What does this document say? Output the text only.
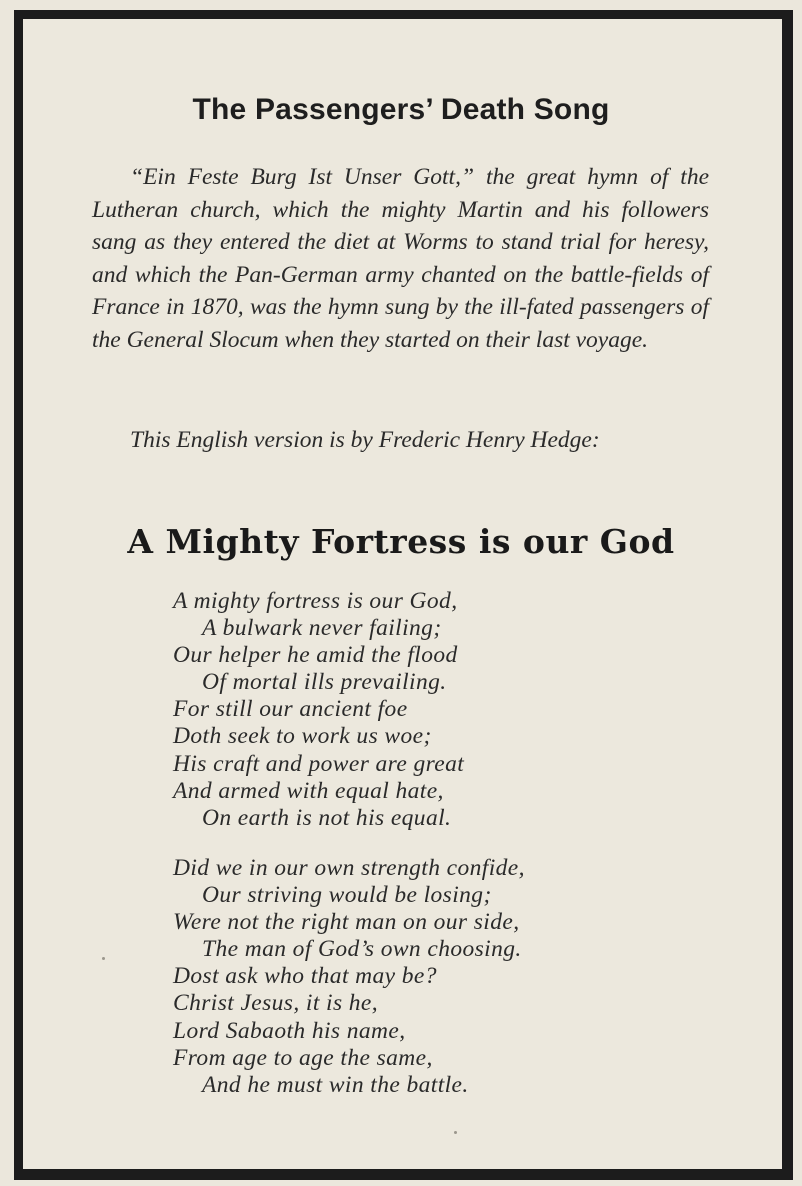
The Passengers’ Death Song

“Ein Feste Burg Ist Unser Gott,” the great hymn of the Lutheran church, which the mighty Martin and his followers sang as they entered the diet at Worms to stand trial for heresy, and which the Pan-German army chanted on the battle-fields of France in 1870, was the hymn sung by the ill-fated passengers of the General Slocum when they started on their last voyage.

This English version is by Frederic Henry Hedge:

A Mighty Fortress is our God
A mighty fortress is our God,
A bulwark never failing;
Our helper he amid the flood
Of mortal ills prevailing.
For still our ancient foe
Doth seek to work us woe;
His craft and power are great
And armed with equal hate,
On earth is not his equal.
Did we in our own strength confide,
Our striving would be losing;
Were not the right man on our side,
The man of God’s own choosing.
Dost ask who that may be?
Christ Jesus, it is he,
Lord Sabaoth his name,
From age to age the same,
And he must win the battle.
